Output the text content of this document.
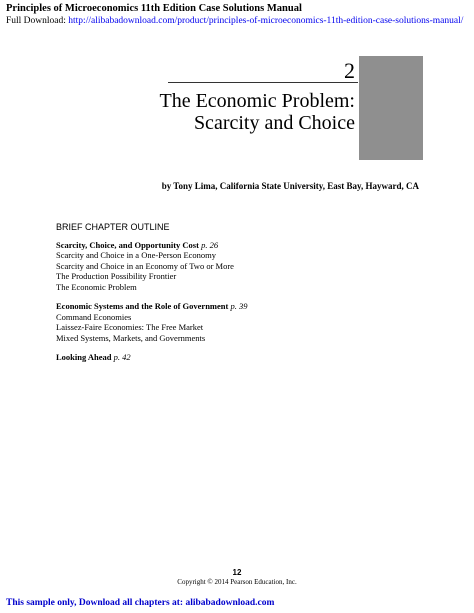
Principles of Microeconomics 11th Edition Case Solutions Manual
Full Download: http://alibabadownload.com/product/principles-of-microeconomics-11th-edition-case-solutions-manual/
2
The Economic Problem:
Scarcity and Choice
by Tony Lima, California State University, East Bay, Hayward, CA
BRIEF CHAPTER OUTLINE
Scarcity, Choice, and Opportunity Cost p. 26
Scarcity and Choice in a One-Person Economy
Scarcity and Choice in an Economy of Two or More
The Production Possibility Frontier
The Economic Problem
Economic Systems and the Role of Government p. 39
Command Economies
Laissez-Faire Economies: The Free Market
Mixed Systems, Markets, and Governments
Looking Ahead p. 42
12
Copyright © 2014 Pearson Education, Inc.
This sample only, Download all chapters at: alibabadownload.com
